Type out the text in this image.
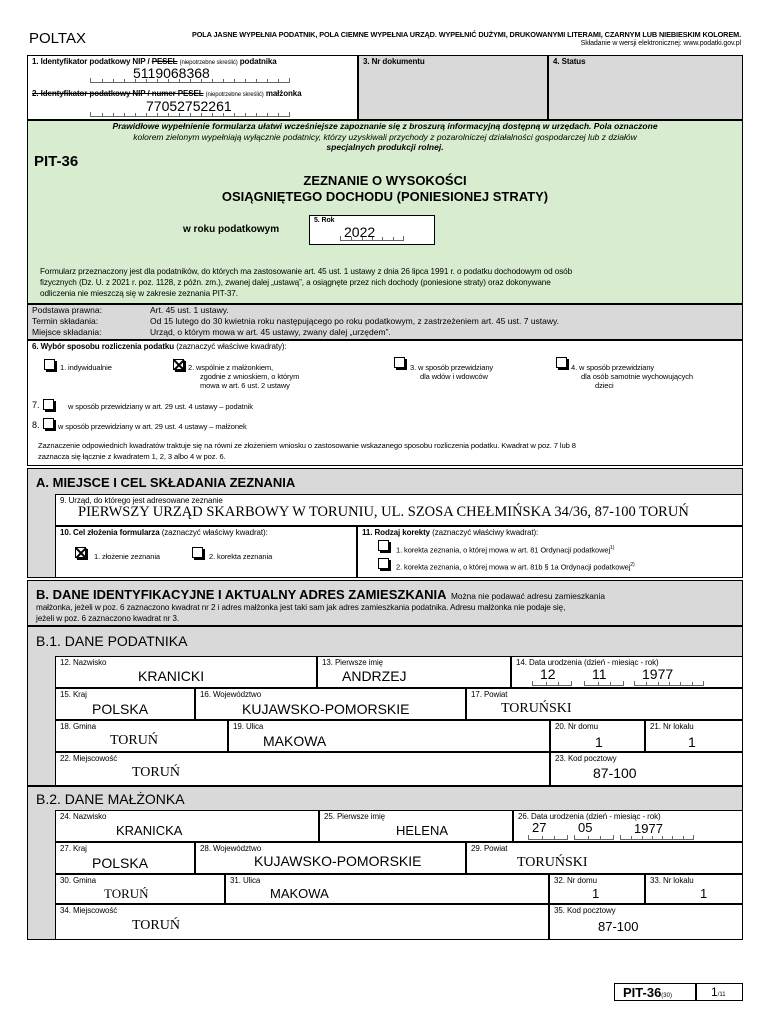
POLTAX	POLA JASNE WYPEŁNIA PODATNIK, POLA CIEMNE WYPEŁNIA URZĄD. WYPEŁNIĆ DUŻYMI, DRUKOWANYMI LITERAMI, CZARNYM LUB NIEBIESKIM KOLOREM.
Składanie w wersji elektronicznej: www.podatki.gov.pl
1. Identyfikator podatkowy NIP / PESEL (niepotrzebne skreślić) podatnika
5119068368
2. Identyfikator podatkowy NIP / numer PESEL (niepotrzebne skreślić) małżonka
77052752261
3. Nr dokumentu	4. Status
Prawidłowe wypełnienie formularza ułatwi wcześniejsze zapoznanie się z broszurą informacyjną dostępną w urzędach. Pola oznaczone
kolorem zielonym wypełniają wyłącznie podatnicy, którzy uzyskiwali przychody z pozarolniczej działalności gospodarczej lub z działów
specjalnych produkcji rolnej.
PIT-36
ZEZNANIE O WYSOKOŚCI
OSIĄGNIĘTEGO DOCHODU (PONIESIONEJ STRATY)
w roku podatkowym
5. Rok
2022
Formularz przeznaczony jest dla podatników, do których ma zastosowanie art. 45 ust. 1 ustawy z dnia 26 lipca 1991 r. o podatku dochodowym od osób
fizycznych (Dz. U. z 2021 r. poz. 1128, z późn. zm.), zwanej dalej „ustawą”, a osiągnęte przez nich dochody (poniesione straty) oraz dokonywane
odliczenia nie mieszczą się w zakresie zeznania PIT-37.
Podstawa prawna:	Art. 45 ust. 1 ustawy.
Termin składania:	Od 15 lutego do 30 kwietnia roku następującego po roku podatkowym, z zastrzeżeniem art. 45 ust. 7 ustawy.
Miejsce składania:	Urząd, o którym mowa w art. 45 ustawy, zwany dalej „urzędem”.
6. Wybór sposobu rozliczenia podatku (zaznaczyć właściwe kwadraty):
1. indywidualnie	2. wspólnie z małżonkiem,
zgodnie z wnioskiem, o którym
mowa w art. 6 ust. 2 ustawy
3. w sposób przewidziany
dla wdów i wdowców
4. w sposób przewidziany
dla osób samotnie wychowujących
dzieci
7.	w sposób przewidziany w art. 29 ust. 4 ustawy – podatnik
8. w sposób przewidziany w art. 29 ust. 4 ustawy – małżonek
Zaznaczenie odpowiednich kwadratów traktuje się na równi ze złożeniem wniosku o zastosowanie wskazanego sposobu rozliczenia podatku. Kwadrat w poz. 7 lub 8
zaznacza się łącznie z kwadratem 1, 2, 3 albo 4 w poz. 6.
A. MIEJSCE I CEL SKŁADANIA ZEZNANIA
9. Urząd, do którego jest adresowane zeznanie
PIERWSZY URZĄD SKARBOWY W TORUNIU, UL. SZOSA CHEŁMIŃSKA 34/36, 87-100 TORUŃ
10. Cel złożenia formularza (zaznaczyć właściwy kwadrat):
1. złożenie zeznania	2. korekta zeznania
11. Rodzaj korekty (zaznaczyć właściwy kwadrat):
1. korekta zeznania, o której mowa w art. 81 Ordynacji podatkowej$^{1)}$
2. korekta zeznania, o której mowa w art. 81b § 1a Ordynacji podatkowej$^{2)}$
B. DANE IDENTYFIKACYJNE I AKTUALNY ADRES ZAMIESZKANIA Można nie podawać adresu zamieszkania
małżonka, jeżeli w poz. 6 zaznaczono kwadrat nr 2 i adres małżonka jest taki sam jak adres zamieszkania podatnika. Adresu małżonka nie podaje się,
jeżeli w poz. 6 zaznaczono kwadrat nr 3.
B.1. DANE PODATNIKA
12. Nazwisko
KRANICKI
13. Pierwsze imię
ANDRZEJ
14. Data urodzenia (dzień - miesiąc - rok)
12	11	1977
15. Kraj
POLSKA
16. Województwo
KUJAWSKO-POMORSKIE
17. Powiat
TORUŃSKI
18. Gmina
TORUŃ
19. Ulica
MAKOWA
20. Nr domu
1
21. Nr lokalu
1
22. Miejscowość
TORUŃ
23. Kod pocztowy
87-100
B.2. DANE MAŁŻONKA
24. Nazwisko
KRANICKA
25. Pierwsze imię
HELENA
26. Data urodzenia (dzień - miesiąc - rok)
27 05	1977
27. Kraj
POLSKA
28. Województwo
KUJAWSKO-POMORSKIE
29. Powiat
TORUŃSKI
30. Gmina
TORUŃ
31. Ulica
MAKOWA
32. Nr domu
1
33. Nr lokalu
1
34. Miejscowość
TORUŃ
35. Kod pocztowy
87-100
PIT-36(30)	1/11
